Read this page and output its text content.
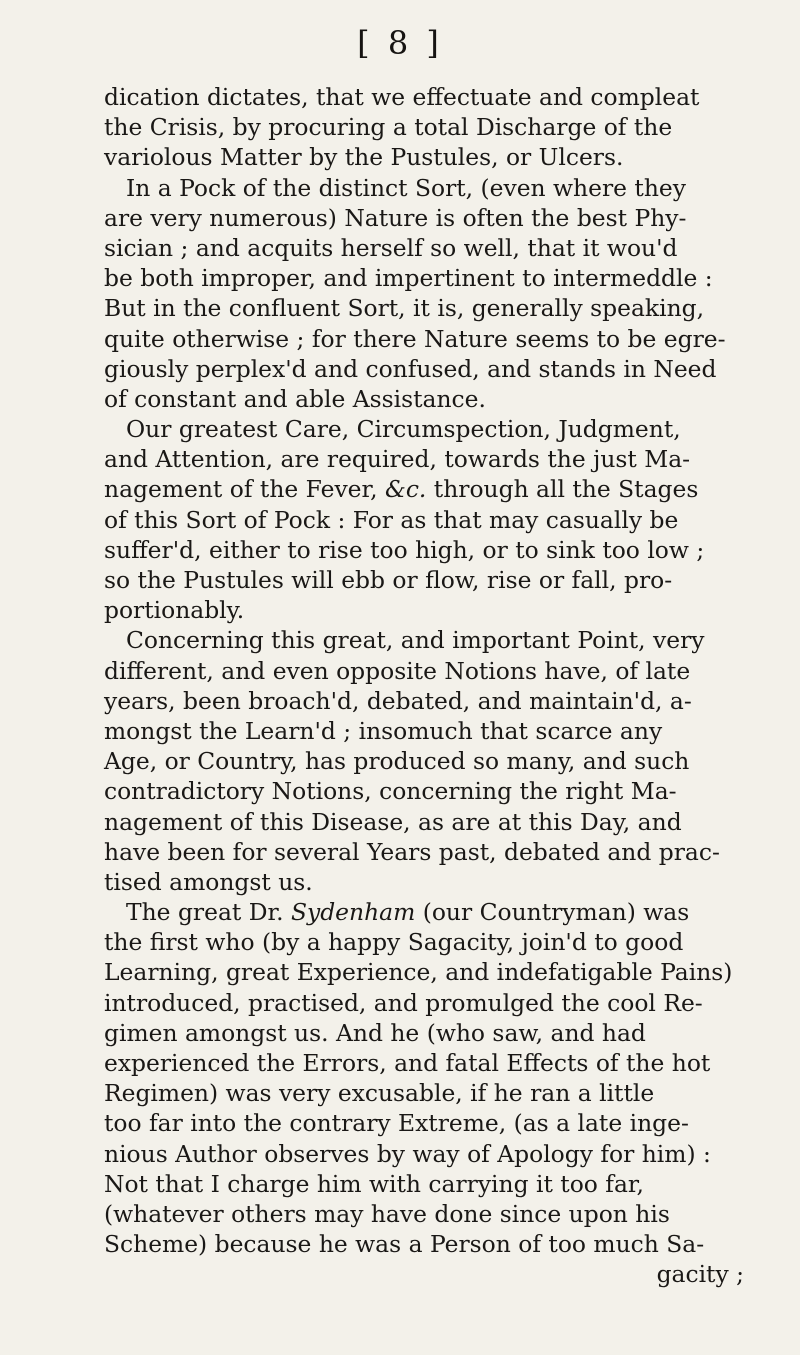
[ 8 ]
dication dictates, that we effectuate and compleat
the Crisis, by procuring a total Discharge of the
variolous Matter by the Pustules, or Ulcers.
In a Pock of the distinct Sort, (even where they
are very numerous) Nature is often the best Phy-
sician ; and acquits herself so well, that it wou'd
be both improper, and impertinent to intermeddle :
But in the confluent Sort, it is, generally speaking,
quite otherwise ; for there Nature seems to be egre-
giously perplex'd and confused, and stands in Need
of constant and able Assistance.
Our greatest Care, Circumspection, Judgment,
and Attention, are required, towards the just Ma-
nagement of the Fever, &c. through all the Stages
of this Sort of Pock : For as that may casually be
suffer'd, either to rise too high, or to sink too low ;
so the Pustules will ebb or flow, rise or fall, pro-
portionably.
Concerning this great, and important Point, very
different, and even opposite Notions have, of late
years, been broach'd, debated, and maintain'd, a-
mongst the Learn'd ; insomuch that scarce any
Age, or Country, has produced so many, and such
contradictory Notions, concerning the right Ma-
nagement of this Disease, as are at this Day, and
have been for several Years past, debated and prac-
tised amongst us.
The great Dr. Sydenham (our Countryman) was
the first who (by a happy Sagacity, join'd to good
Learning, great Experience, and indefatigable Pains)
introduced, practised, and promulged the cool Re-
gimen amongst us. And he (who saw, and had
experienced the Errors, and fatal Effects of the hot
Regimen) was very excusable, if he ran a little
too far into the contrary Extreme, (as a late inge-
nious Author observes by way of Apology for him) :
Not that I charge him with carrying it too far,
(whatever others may have done since upon his
Scheme) because he was a Person of too much Sa-
gacity ;
